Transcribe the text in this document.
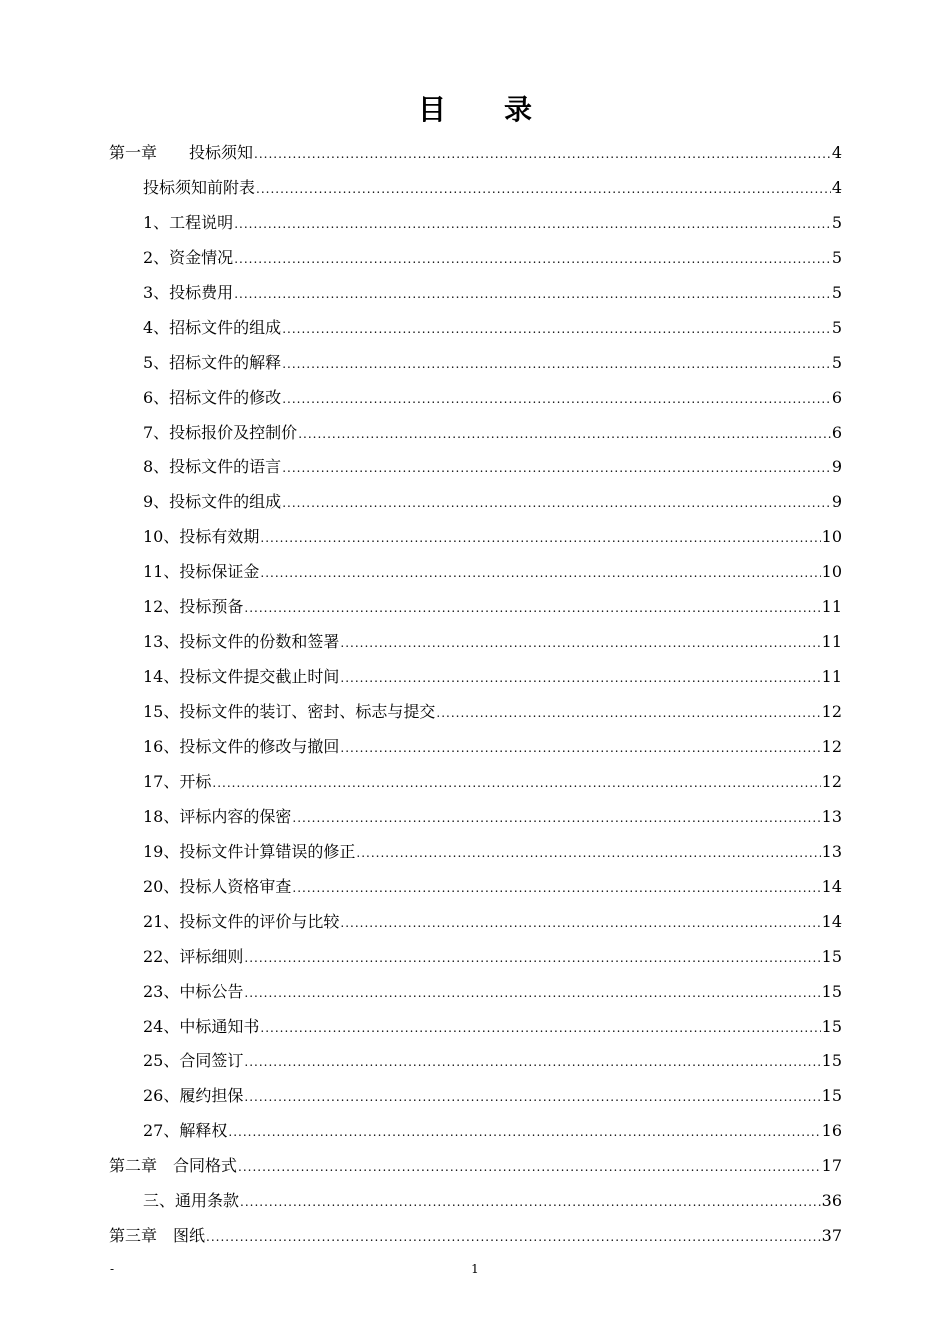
目 录
第一章　　投标须知 .....	4
投标须知前附表 .....	4
1、工程说明 .....	5
2、资金情况 .....	5
3、投标费用 .....	5
4、招标文件的组成 .....	5
5、招标文件的解释 .....	5
6、招标文件的修改 .....	6
7、投标报价及控制价 .....	6
8、投标文件的语言 .....	9
9、投标文件的组成 .....	9
10、投标有效期 .....	10
11、投标保证金 .....	10
12、投标预备 .....	11
13、投标文件的份数和签署 .....	11
14、投标文件提交截止时间 .....	11
15、投标文件的装订、密封、标志与提交 .....	12
16、投标文件的修改与撤回 .....	12
17、开标 .....	12
18、评标内容的保密 .....	13
19、投标文件计算错误的修正 .....	13
20、投标人资格审查 .....	14
21、投标文件的评价与比较 .....	14
22、评标细则 .....	15
23、中标公告 .....	15
24、中标通知书 .....	15
25、合同签订 .....	15
26、履约担保 .....	15
27、解释权 .....	16
第二章　合同格式 .....	17
三、通用条款 .....	36
第三章　图纸 .....	37
-	1
